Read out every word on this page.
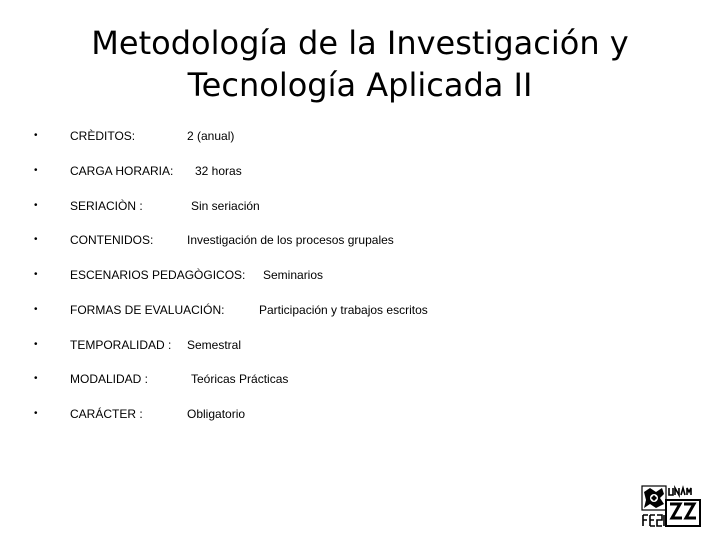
Metodología de la Investigación y
Tecnología Aplicada II
•	CRÈDITOS:	2 (anual)
•	CARGA HORARIA: 32 horas
•	SERIACIÒN :	Sin seriación
•	CONTENIDOS:	Investigación de los procesos grupales
•	ESCENARIOS PEDAGÒGICOS: Seminarios
•	FORMAS DE EVALUACIÓN:	Participación y trabajos escritos
•	TEMPORALIDAD : Semestral
•	MODALIDAD :	Teóricas Prácticas
•	CARÁCTER :	Obligatorio
